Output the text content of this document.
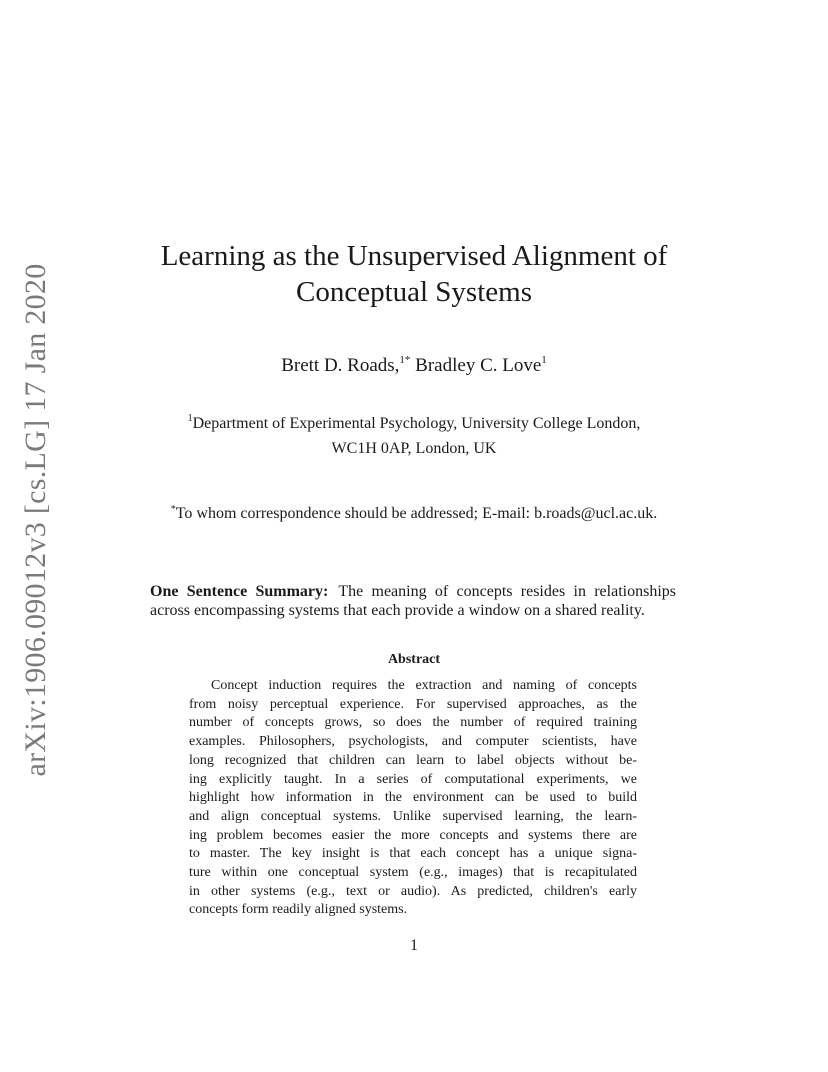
arXiv:1906.09012v3 [cs.LG] 17 Jan 2020
Learning as the Unsupervised Alignment of
Conceptual Systems
Brett D. Roads,$^{1*}$ Bradley C. Love$^1$
$^1$Department of Experimental Psychology, University College London,
WC1H 0AP, London, UK
*To whom correspondence should be addressed; E-mail: b.roads@ucl.ac.uk.

One Sentence Summary: The meaning of concepts resides in relationships across encompassing systems that each provide a window on a shared reality.

Abstract
Concept induction requires the extraction and naming of concepts
from noisy perceptual experience. For supervised approaches, as the
number of concepts grows, so does the number of required training
examples. Philosophers, psychologists, and computer scientists, have
long recognized that children can learn to label objects without be-
ing explicitly taught. In a series of computational experiments, we
highlight how information in the environment can be used to build
and align conceptual systems. Unlike supervised learning, the learn-
ing problem becomes easier the more concepts and systems there are
to master. The key insight is that each concept has a unique signa-
ture within one conceptual system (e.g., images) that is recapitulated
in other systems (e.g., text or audio). As predicted, children's early
concepts form readily aligned systems.
1
